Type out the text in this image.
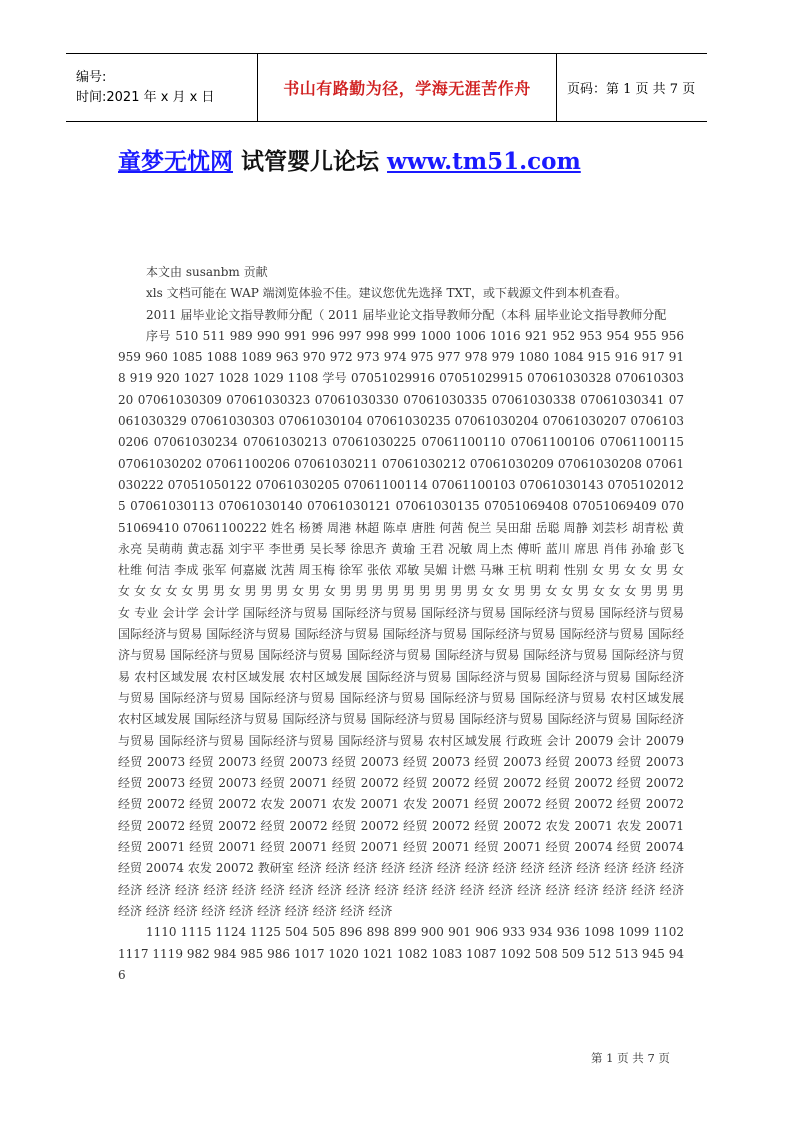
编号:
时间:2021 年 x 月 x 日	书山有路勤为径，学海无涯苦作舟	页码：第 1 页 共 7 页
童梦无忧网 试管婴儿论坛 www.tm51.com

本文由 susanbm 贡献

xls 文档可能在 WAP 端浏览体验不佳。建议您优先选择 TXT，或下载源文件到本机查看。

2011 届毕业论文指导教师分配（ 2011 届毕业论文指导教师分配（本科 届毕业论文指导教师分配

序号 510 511 989 990 991 996 997 998 999 1000 1006 1016 921 952 953 954 955 956 959 960 1085 1088 1089 963 970 972 973 974 975 977 978 979 1080 1084 915 916 917 918 919 920 1027 1028 1029 1108 学号 07051029916 07051029915 07061030328 07061030320 07061030309 07061030323 07061030330 07061030335 07061030338 07061030341 07061030329 07061030303 07061030104 07061030235 07061030204 07061030207 07061030206 07061030234 07061030213 07061030225 07061100110 07061100106 07061100115 07061030202 07061100206 07061030211 07061030212 07061030209 07061030208 07061030222 07051050122 07061030205 07061100114 07061100103 07061030143 07051020125 07061030113 07061030140 07061030121 07061030135 07051069408 07051069409 07051069410 07061100222 姓名 杨赟 周港 林超 陈卓 唐胜 何茜 倪兰 吴田甜 岳聪 周静 刘芸杉 胡青松 黄永亮 吴萌萌 黄志磊 刘宇平 李世勇 吴长琴 徐思齐 黄瑜 王君 况敏 周上杰 傅昕 蓝川 席思 肖伟 孙瑜 彭飞 杜维 何洁 李成 张军 何嘉崴 沈茜 周玉梅 徐军 张依 邓敏 吴媚 计燃 马琳 王杭 明莉 性别 女 男 女 女 男 女 女 女 女 女 女 男 男 女 男 男 男 女 男 女 男 男 男 男 男 男 男 男 男 女 女 男 男 女 女 男 女 女 女 男 男 男 女 专业 会计学 会计学 国际经济与贸易 国际经济与贸易 国际经济与贸易 国际经济与贸易 国际经济与贸易 国际经济与贸易 国际经济与贸易 国际经济与贸易 国际经济与贸易 国际经济与贸易 国际经济与贸易 国际经济与贸易 国际经济与贸易 国际经济与贸易 国际经济与贸易 国际经济与贸易 国际经济与贸易 国际经济与贸易 农村区域发展 农村区域发展 农村区域发展 国际经济与贸易 国际经济与贸易 国际经济与贸易 国际经济与贸易 国际经济与贸易 国际经济与贸易 国际经济与贸易 国际经济与贸易 国际经济与贸易 农村区域发展 农村区域发展 国际经济与贸易 国际经济与贸易 国际经济与贸易 国际经济与贸易 国际经济与贸易 国际经济与贸易 国际经济与贸易 国际经济与贸易 国际经济与贸易 农村区域发展 行政班 会计 20079 会计 20079 经贸 20073 经贸 20073 经贸 20073 经贸 20073 经贸 20073 经贸 20073 经贸 20073 经贸 20073 经贸 20073 经贸 20073 经贸 20071 经贸 20072 经贸 20072 经贸 20072 经贸 20072 经贸 20072 经贸 20072 经贸 20072 农发 20071 农发 20071 农发 20071 经贸 20072 经贸 20072 经贸 20072 经贸 20072 经贸 20072 经贸 20072 经贸 20072 经贸 20072 经贸 20072 农发 20071 农发 20071 经贸 20071 经贸 20071 经贸 20071 经贸 20071 经贸 20071 经贸 20071 经贸 20074 经贸 20074 经贸 20074 农发 20072 教研室 经济 经济 经济 经济 经济 经济 经济 经济 经济 经济 经济 经济 经济 经济 经济 经济 经济 经济 经济 经济 经济 经济 经济 经济 经济 经济 经济 经济 经济 经济 经济 经济 经济 经济 经济 经济 经济 经济 经济 经济 经济 经济 经济 经济

1110 1115 1124 1125 504 505 896 898 899 900 901 906 933 934 936 1098 1099 1102 1117 1119 982 984 985 986 1017 1020 1021 1082 1083 1087 1092 508 509 512 513 945 946

第 1 页 共 7 页
